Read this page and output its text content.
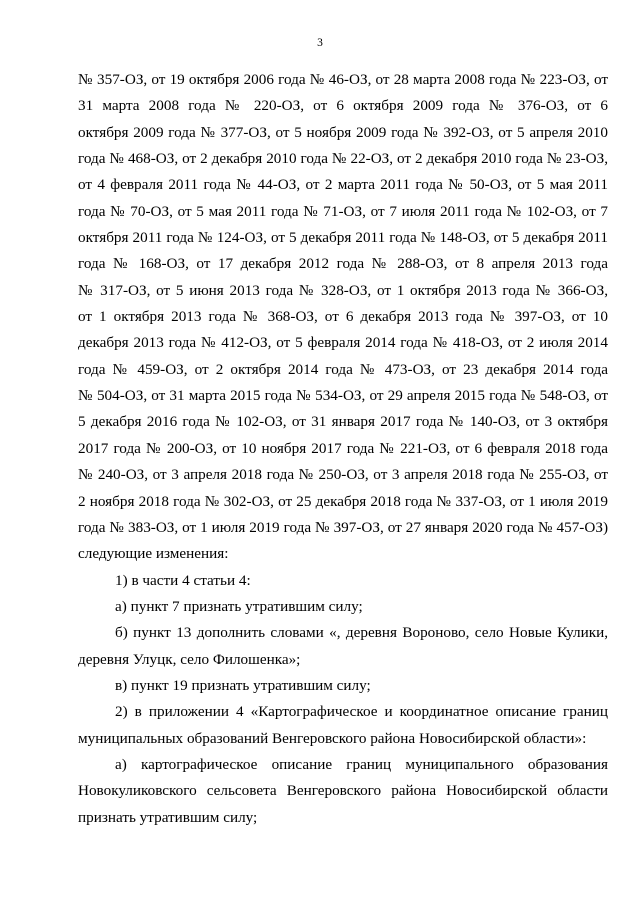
3
№ 357-ОЗ, от 19 октября 2006 года № 46-ОЗ, от 28 марта 2008 года № 223-ОЗ, от
31 марта 2008 года № 220-ОЗ, от 6 октября 2009 года № 376-ОЗ, от 6
октября 2009 года № 377-ОЗ, от 5 ноября 2009 года № 392-ОЗ, от 5 апреля 2010
года № 468-ОЗ, от 2 декабря 2010 года № 22-ОЗ, от 2 декабря 2010 года № 23-ОЗ,
от 4 февраля 2011 года № 44-ОЗ, от 2 марта 2011 года № 50-ОЗ, от 5 мая 2011
года № 70-ОЗ, от 5 мая 2011 года № 71-ОЗ, от 7 июля 2011 года № 102-ОЗ, от 7
октября 2011 года № 124-ОЗ, от 5 декабря 2011 года № 148-ОЗ, от 5 декабря 2011
года № 168-ОЗ, от 17 декабря 2012 года № 288-ОЗ, от 8 апреля 2013 года
№ 317-ОЗ, от 5 июня 2013 года № 328-ОЗ, от 1 октября 2013 года № 366-ОЗ,
от 1 октября 2013 года № 368-ОЗ, от 6 декабря 2013 года № 397-ОЗ, от 10
декабря 2013 года № 412-ОЗ, от 5 февраля 2014 года № 418-ОЗ, от 2 июля 2014
года № 459-ОЗ, от 2 октября 2014 года № 473-ОЗ, от 23 декабря 2014 года
№ 504-ОЗ, от 31 марта 2015 года № 534-ОЗ, от 29 апреля 2015 года № 548-ОЗ, от
5 декабря 2016 года № 102-ОЗ, от 31 января 2017 года № 140-ОЗ, от 3 октября
2017 года № 200-ОЗ, от 10 ноября 2017 года № 221-ОЗ, от 6 февраля 2018 года
№ 240-ОЗ, от 3 апреля 2018 года № 250-ОЗ, от 3 апреля 2018 года № 255-ОЗ, от
2 ноября 2018 года № 302-ОЗ, от 25 декабря 2018 года № 337-ОЗ, от 1 июля 2019
года № 383-ОЗ, от 1 июля 2019 года № 397-ОЗ, от 27 января 2020 года № 457-ОЗ)
следующие изменения:
1) в части 4 статьи 4:
а) пункт 7 признать утратившим силу;
б) пункт 13 дополнить словами «, деревня Вороново, село Новые Кулики,
деревня Улуцк, село Филошенка»;
в) пункт 19 признать утратившим силу;
2) в приложении 4 «Картографическое и координатное описание границ
муниципальных образований Венгеровского района Новосибирской области»:
а) картографическое описание границ муниципального образования
Новокуликовского сельсовета Венгеровского района Новосибирской области
признать утратившим силу;
